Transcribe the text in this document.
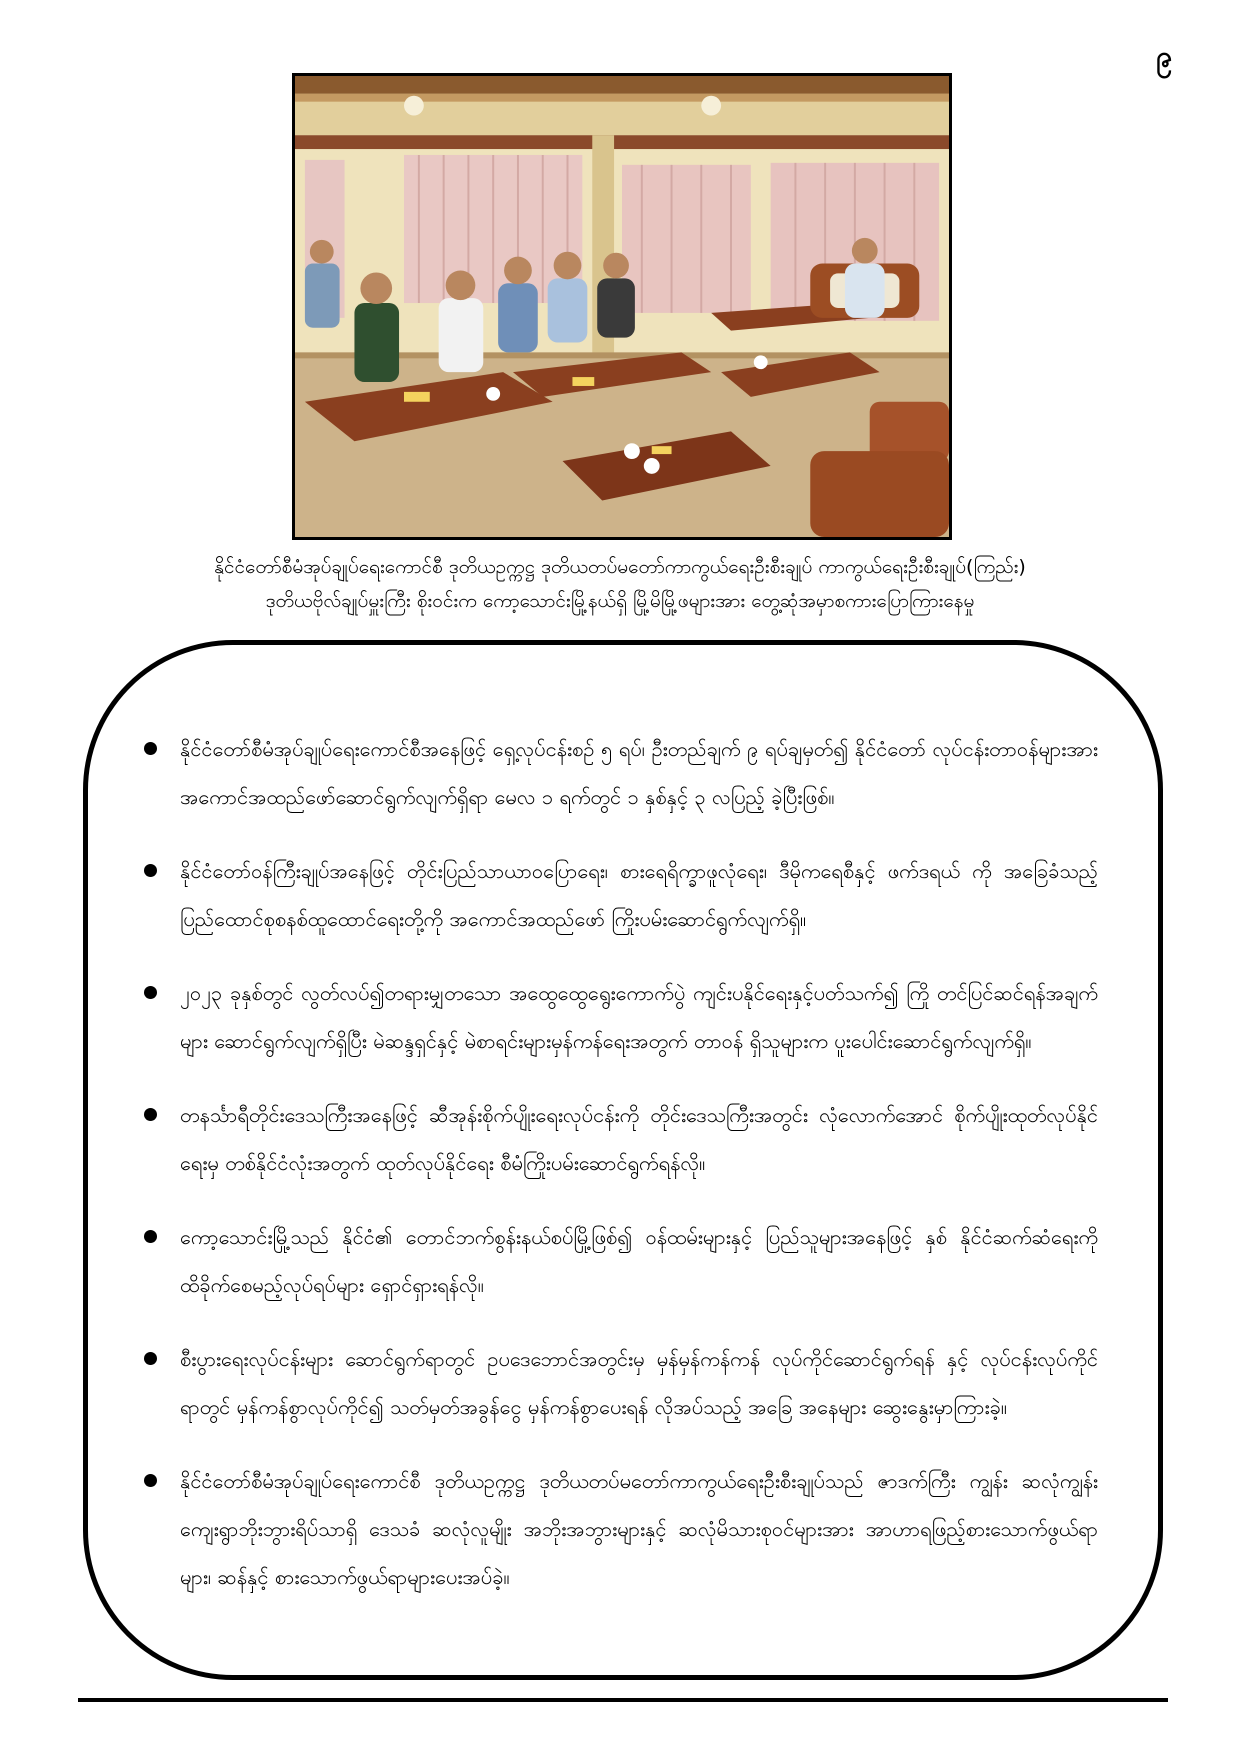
၉
နိုင်ငံတော်စီမံအုပ်ချုပ်ရေးကောင်စီ ဒုတိယဥက္ကဋ္ဌ ဒုတိယတပ်မတော်ကာကွယ်ရေးဦးစီးချုပ် ကာကွယ်ရေးဦးစီးချုပ်(ကြည်း)
ဒုတိယဗိုလ်ချုပ်မှူးကြီး စိုးဝင်းက ကော့သောင်းမြို့နယ်ရှိ မြို့မိမြို့ဖများအား တွေ့ဆုံအမှာစကားပြောကြားနေမှု
နိုင်ငံတော်စီမံအုပ်ချုပ်ရေးကောင်စီအနေဖြင့် ရှေ့လုပ်ငန်းစဉ် ၅ ရပ်၊ ဦးတည်ချက် ၉ ရပ်ချမှတ်၍ နိုင်ငံတော် လုပ်ငန်းတာဝန်များအား အကောင်အထည်ဖော်ဆောင်ရွက်လျက်ရှိရာ မေလ ၁ ရက်တွင် ၁ နှစ်နှင့် ၃ လပြည့် ခဲ့ပြီးဖြစ်။
နိုင်ငံတော်ဝန်ကြီးချုပ်အနေဖြင့် တိုင်းပြည်သာယာဝပြောရေး၊ စားရေရိက္ခာဖူလုံရေး၊ ဒီမိုကရေစီနှင့် ဖက်ဒရယ် ကို အခြေခံသည့် ပြည်ထောင်စုစနစ်ထူထောင်ရေးတို့ကို အကောင်အထည်ဖော် ကြိုးပမ်းဆောင်ရွက်လျက်ရှိ။
၂၀၂၃ ခုနှစ်တွင် လွတ်လပ်၍တရားမျှတသော အထွေထွေရွေးကောက်ပွဲ ကျင်းပနိုင်ရေးနှင့်ပတ်သက်၍ ကြို တင်ပြင်ဆင်ရန်အချက်များ ဆောင်ရွက်လျက်ရှိပြီး မဲဆန္ဒရှင်နှင့် မဲစာရင်းများမှန်ကန်ရေးအတွက် တာဝန် ရှိသူများက ပူးပေါင်းဆောင်ရွက်လျက်ရှိ။
တနင်္သာရီတိုင်းဒေသကြီးအနေဖြင့် ဆီအုန်းစိုက်ပျိုးရေးလုပ်ငန်းကို တိုင်းဒေသကြီးအတွင်း လုံလောက်အောင် စိုက်ပျိုးထုတ်လုပ်နိုင်ရေးမှ တစ်နိုင်ငံလုံးအတွက် ထုတ်လုပ်နိုင်ရေး စီမံကြိုးပမ်းဆောင်ရွက်ရန်လို။
ကော့သောင်းမြို့သည် နိုင်ငံ၏ တောင်ဘက်စွန်းနယ်စပ်မြို့ဖြစ်၍ ဝန်ထမ်းများနှင့် ပြည်သူများအနေဖြင့် နှစ် နိုင်ငံဆက်ဆံရေးကို ထိခိုက်စေမည့်လုပ်ရပ်များ ရှောင်ရှားရန်လို။
စီးပွားရေးလုပ်ငန်းများ ဆောင်ရွက်ရာတွင် ဥပဒေဘောင်အတွင်းမှ မှန်မှန်ကန်ကန် လုပ်ကိုင်ဆောင်ရွက်ရန် နှင့် လုပ်ငန်းလုပ်ကိုင်ရာတွင် မှန်ကန်စွာလုပ်ကိုင်၍ သတ်မှတ်အခွန်ငွေ မှန်ကန်စွာပေးရန် လိုအပ်သည့် အခြေ အနေများ ဆွေးနွေးမှာကြားခဲ့။
နိုင်ငံတော်စီမံအုပ်ချုပ်ရေးကောင်စီ ဒုတိယဥက္ကဋ္ဌ ဒုတိယတပ်မတော်ကာကွယ်ရေးဦးစီးချုပ်သည် ဇာဒက်ကြီး ကျွန်း ဆလုံကျွန်းကျေးရွာဘိုးဘွားရိပ်သာရှိ ဒေသခံ ဆလုံလူမျိုး အဘိုးအဘွားများနှင့် ဆလုံမိသားစုဝင်များအား အာဟာရဖြည့်စားသောက်ဖွယ်ရာများ၊ ဆန်နှင့် စားသောက်ဖွယ်ရာများပေးအပ်ခဲ့။
